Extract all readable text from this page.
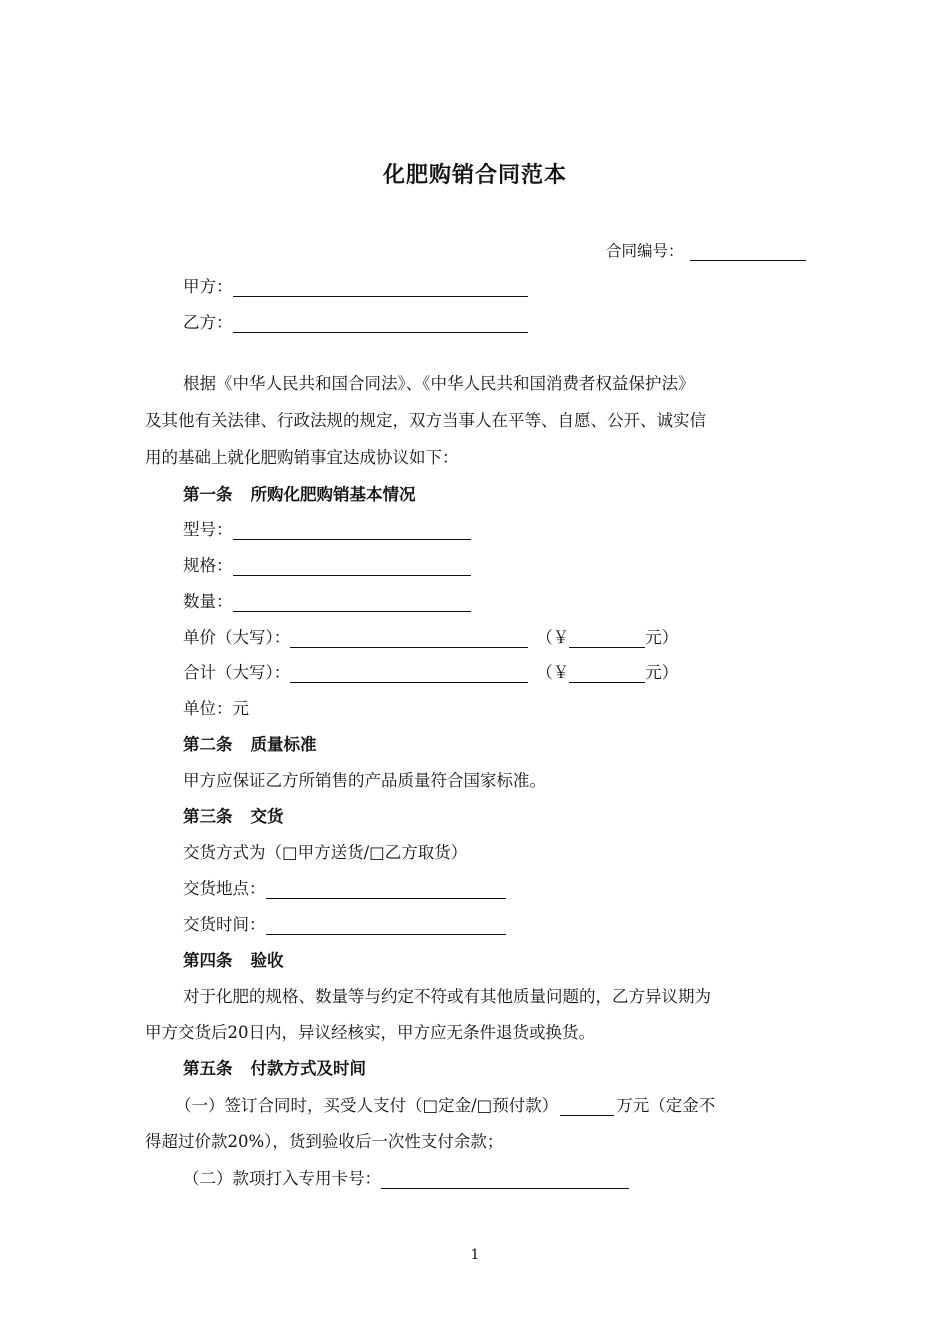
化肥购销合同范本
合同编号：
甲方：
乙方：
根据《中华人民共和国合同法》、《中华人民共和国消费者权益保护法》
及其他有关法律、行政法规的规定，双方当事人在平等、自愿、公开、诚实信
用的基础上就化肥购销事宜达成协议如下：
第一条 所购化肥购销基本情况
型号：
规格：
数量：
单价（大写）：	（￥	元）
合计（大写）：	（￥	元）
单位：元
第二条 质量标准
甲方应保证乙方所销售的产品质量符合国家标准。
第三条 交货
交货方式为（□甲方送货/□乙方取货）
交货地点：
交货时间：
第四条 验收
对于化肥的规格、数量等与约定不符或有其他质量问题的，乙方异议期为
甲方交货后20日内，异议经核实，甲方应无条件退货或换货。
第五条 付款方式及时间
（一）签订合同时，买受人支付（□定金/□预付款）	万元（定金不
得超过价款20%），货到验收后一次性支付余款；
（二）款项打入专用卡号：
1
